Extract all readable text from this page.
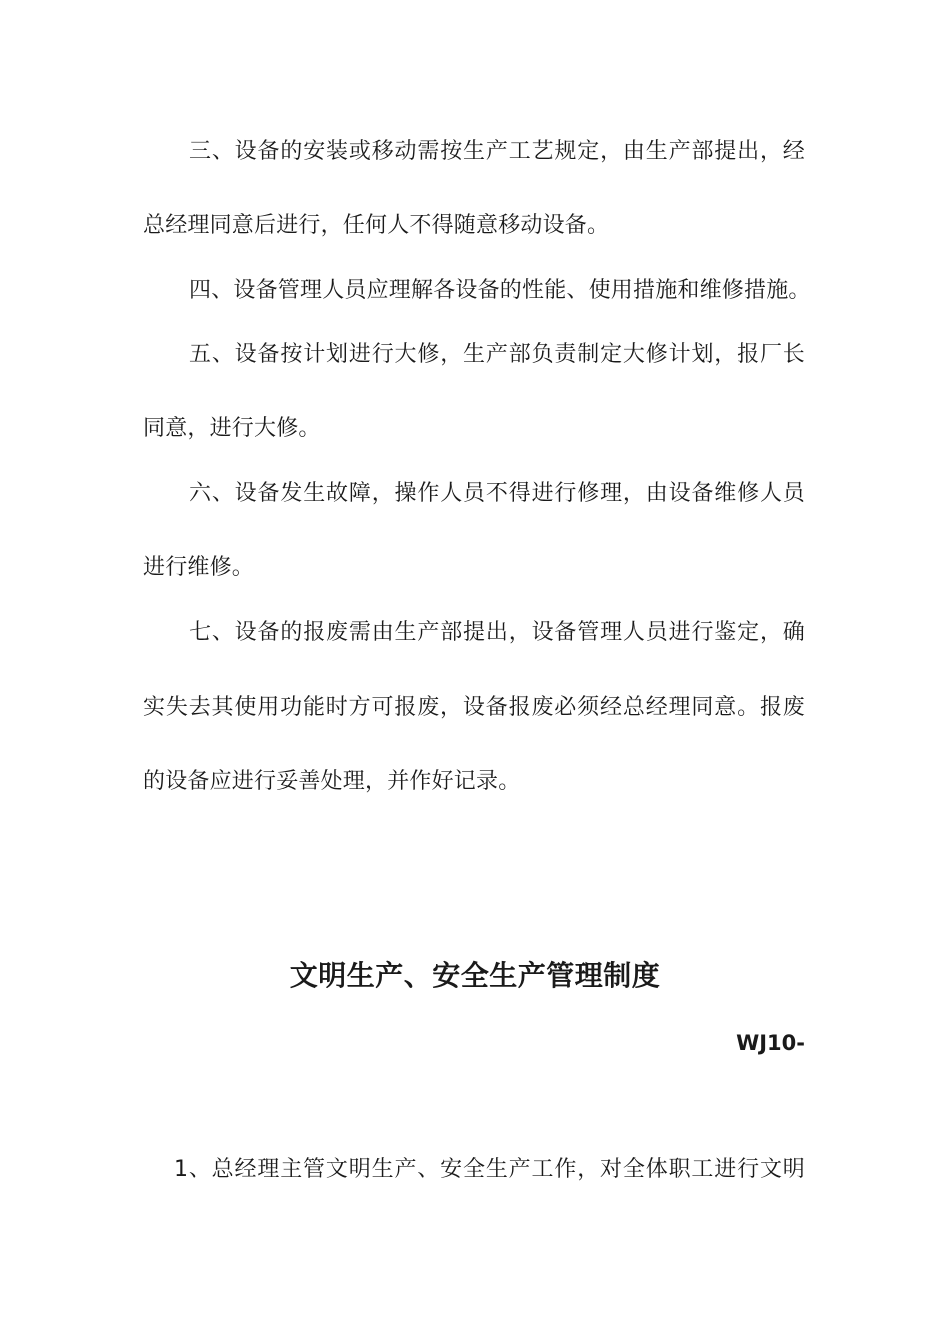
三、设备的安装或移动需按生产工艺规定，由生产部提出，经
总经理同意后进行，任何人不得随意移动设备。
四、设备管理人员应理解各设备的性能、使用措施和维修措施。
五、设备按计划进行大修，生产部负责制定大修计划，报厂长
同意，进行大修。
六、设备发生故障，操作人员不得进行修理，由设备维修人员
进行维修。
七、设备的报废需由生产部提出，设备管理人员进行鉴定，确
实失去其使用功能时方可报废，设备报废必须经总经理同意。报废
的设备应进行妥善处理，并作好记录。
文明生产、安全生产管理制度
WJ10-
1、总经理主管文明生产、安全生产工作，对全体职工进行文明
